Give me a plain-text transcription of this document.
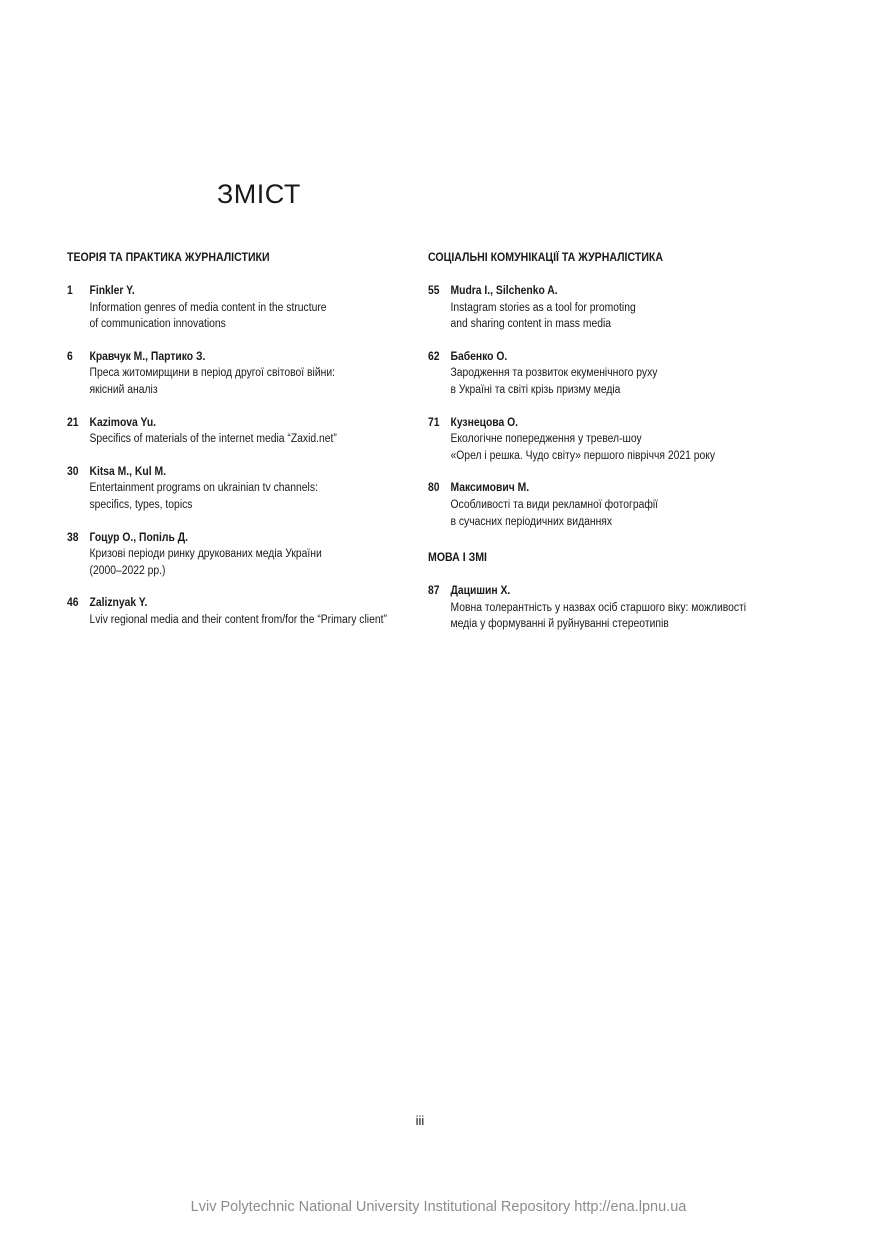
ЗМІСТ
ТЕОРІЯ ТА ПРАКТИКА ЖУРНАЛІСТИКИ
1 Finkler Y.
Information genres of media content in the structure
of communication innovations
6 Кравчук М., Партико З.
Преса житомирщини в період другої світової війни:
якісний аналіз
21 Kazimova Yu.
Specifics of materials of the internet media “Zaxid.net”
30 Kitsa M., Kul M.
Entertainment programs on ukrainian tv channels:
specifics, types, topics
38 Гоцур О., Попіль Д.
Кризові періоди ринку друкованих медіа України
(2000–2022 pp.)
46 Zaliznyak Y.
Lviv regional media and their content from/for the “Primary client”
СОЦІАЛЬНІ КОМУНІКАЦІЇ ТА ЖУРНАЛІСТИКА
55 Mudra I., Silchenko A.
Instagram stories as a tool for promoting
and sharing content in mass media
62 Бабенко О.
Зародження та розвиток екуменічного руху
в Україні та світі крізь призму медіа
71 Кузнецова О.
Екологічне попередження у тревел-шоу
«Орел і решка. Чудо світу» першого півріччя 2021 року
80 Максимович М.
Особливості та види рекламної фотографії
в сучасних періодичних виданнях
МОВА І ЗМІ
87 Дацишин Х.
Мовна толерантність у назвах осіб старшого віку: можливості
медіа у формуванні й руйнуванні стереотипів
iii
Lviv Polytechnic National University Institutional Repository http://ena.lpnu.ua
